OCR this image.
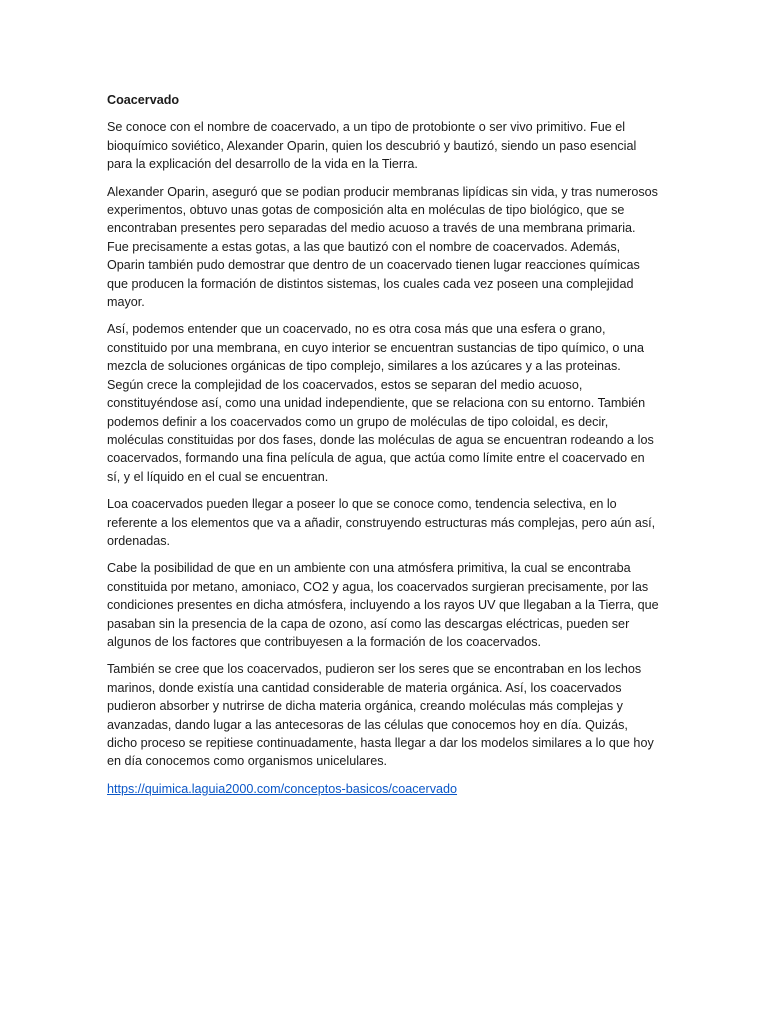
Coacervado

Se conoce con el nombre de coacervado, a un tipo de protobionte o ser vivo primitivo. Fue el bioquímico soviético, Alexander Oparin, quien los descubrió y bautizó, siendo un paso esencial para la explicación del desarrollo de la vida en la Tierra.

Alexander Oparin, aseguró que se podian producir membranas lipídicas sin vida, y tras numerosos experimentos, obtuvo unas gotas de composición alta en moléculas de tipo biológico, que se encontraban presentes pero separadas del medio acuoso a través de una membrana primaria. Fue precisamente a estas gotas, a las que bautizó con el nombre de coacervados. Además, Oparin también pudo demostrar que dentro de un coacervado tienen lugar reacciones químicas que producen la formación de distintos sistemas, los cuales cada vez poseen una complejidad mayor.

Así, podemos entender que un coacervado, no es otra cosa más que una esfera o grano, constituido por una membrana, en cuyo interior se encuentran sustancias de tipo químico, o una mezcla de soluciones orgánicas de tipo complejo, similares a los azúcares y a las proteinas. Según crece la complejidad de los coacervados, estos se separan del medio acuoso, constituyéndose así, como una unidad independiente, que se relaciona con su entorno. También podemos definir a los coacervados como un grupo de moléculas de tipo coloidal, es decir, moléculas constituidas por dos fases, donde las moléculas de agua se encuentran rodeando a los coacervados, formando una fina película de agua, que actúa como límite entre el coacervado en sí, y el líquido en el cual se encuentran.

Loa coacervados pueden llegar a poseer lo que se conoce como, tendencia selectiva, en lo referente a los elementos que va a añadir, construyendo estructuras más complejas, pero aún así, ordenadas.

Cabe la posibilidad de que en un ambiente con una atmósfera primitiva, la cual se encontraba constituida por metano, amoniaco, CO2 y agua, los coacervados surgieran precisamente, por las condiciones presentes en dicha atmósfera, incluyendo a los rayos UV que llegaban a la Tierra, que pasaban sin la presencia de la capa de ozono, así como las descargas eléctricas, pueden ser algunos de los factores que contribuyesen a la formación de los coacervados.

También se cree que los coacervados, pudieron ser los seres que se encontraban en los lechos marinos, donde existía una cantidad considerable de materia orgánica. Así, los coacervados pudieron absorber y nutrirse de dicha materia orgánica, creando moléculas más complejas y avanzadas, dando lugar a las antecesoras de las células que conocemos hoy en día. Quizás, dicho proceso se repitiese continuadamente, hasta llegar a dar los modelos similares a lo que hoy en día conocemos como organismos unicelulares.

https://quimica.laguia2000.com/conceptos-basicos/coacervado
